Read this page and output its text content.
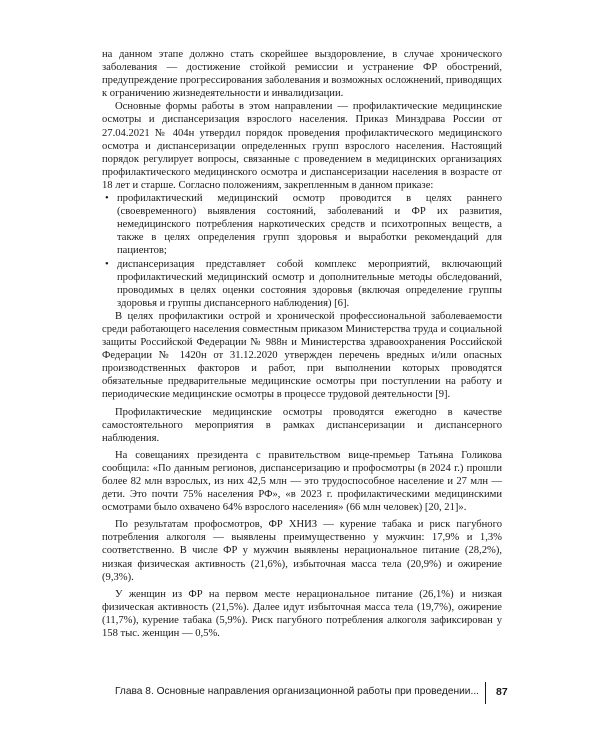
на данном этапе должно стать скорейшее выздоровление, в случае хронического заболевания — достижение стойкой ремиссии и устранение ФР обострений, предупреждение прогрессирования заболевания и возможных осложнений, приводящих к ограничению жизнедеятельности и инвалидизации.

Основные формы работы в этом направлении — профилактические медицинские осмотры и диспансеризация взрослого населения. Приказ Минздрава России от 27.04.2021 № 404н утвердил порядок проведения профилактического медицинского осмотра и диспансеризации определенных групп взрослого населения. Настоящий порядок регулирует вопросы, связанные с проведением в медицинских организациях профилактического медицинского осмотра и диспансеризации населения в возрасте от 18 лет и старше. Согласно положениям, закрепленным в данном приказе:

• профилактический медицинский осмотр проводится в целях раннего (своевременного) выявления состояний, заболеваний и ФР их развития, немедицинского потребления наркотических средств и психотропных веществ, а также в целях определения групп здоровья и выработки рекомендаций для пациентов;
• диспансеризация представляет собой комплекс мероприятий, включающий профилактический медицинский осмотр и дополнительные методы обследований, проводимых в целях оценки состояния здоровья (включая определение группы здоровья и группы диспансерного наблюдения) [6].

В целях профилактики острой и хронической профессиональной заболеваемости среди работающего населения совместным приказом Министерства труда и социальной защиты Российской Федерации № 988н и Министерства здравоохранения Российской Федерации № 1420н от 31.12.2020 утвержден перечень вредных и/или опасных производственных факторов и работ, при выполнении которых проводятся обязательные предварительные медицинские осмотры при поступлении на работу и периодические медицинские осмотры в процессе трудовой деятельности [9].

Профилактические медицинские осмотры проводятся ежегодно в качестве самостоятельного мероприятия в рамках диспансеризации и диспансерного наблюдения.

На совещаниях президента с правительством вице-премьер Татьяна Голикова сообщила: «По данным регионов, диспансеризацию и профосмотры (в 2024 г.) прошли более 82 млн взрослых, из них 42,5 млн — это трудоспособное население и 27 млн — дети. Это почти 75% населения РФ», «в 2023 г. профилактическими медицинскими осмотрами было охвачено 64% взрослого населения» (66 млн человек) [20, 21]».

По результатам профосмотров, ФР ХНИЗ — курение табака и риск пагубного потребления алкоголя — выявлены преимущественно у мужчин: 17,9% и 1,3% соответственно. В числе ФР у мужчин выявлены нерациональное питание (28,2%), низкая физическая активность (21,6%), избыточная масса тела (20,9%) и ожирение (9,3%).

У женщин из ФР на первом месте нерациональное питание (26,1%) и низкая физическая активность (21,5%). Далее идут избыточная масса тела (19,7%), ожирение (11,7%), курение табака (5,9%). Риск пагубного потребления алкоголя зафиксирован у 158 тыс. женщин — 0,5%.

Глава 8. Основные направления организационной работы при проведении... 87
